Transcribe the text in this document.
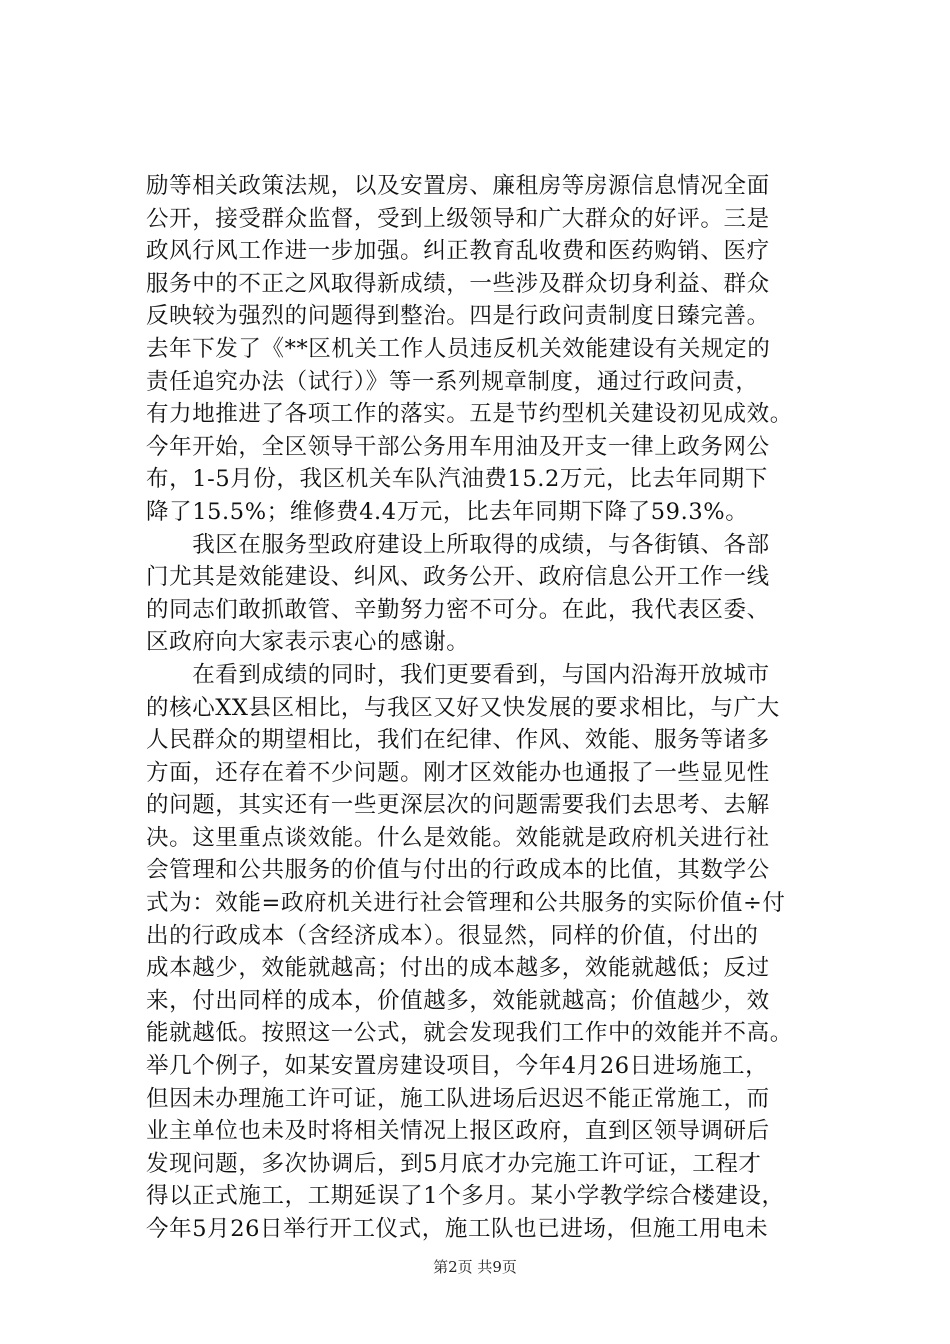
励等相关政策法规，以及安置房、廉租房等房源信息情况全面
公开，接受群众监督，受到上级领导和广大群众的好评。三是
政风行风工作进一步加强。纠正教育乱收费和医药购销、医疗
服务中的不正之风取得新成绩，一些涉及群众切身利益、群众
反映较为强烈的问题得到整治。四是行政问责制度日臻完善。
去年下发了《**区机关工作人员违反机关效能建设有关规定的
责任追究办法（试行）》等一系列规章制度，通过行政问责，
有力地推进了各项工作的落实。五是节约型机关建设初见成效。
今年开始，全区领导干部公务用车用油及开支一律上政务网公
布，1-5月份，我区机关车队汽油费15.2万元，比去年同期下
降了15.5%；维修费4.4万元，比去年同期下降了59.3%。
　　我区在服务型政府建设上所取得的成绩，与各街镇、各部
门尤其是效能建设、纠风、政务公开、政府信息公开工作一线
的同志们敢抓敢管、辛勤努力密不可分。在此，我代表区委、
区政府向大家表示衷心的感谢。
　　在看到成绩的同时，我们更要看到，与国内沿海开放城市
的核心XX县区相比，与我区又好又快发展的要求相比，与广大
人民群众的期望相比，我们在纪律、作风、效能、服务等诸多
方面，还存在着不少问题。刚才区效能办也通报了一些显见性
的问题，其实还有一些更深层次的问题需要我们去思考、去解
决。这里重点谈效能。什么是效能。效能就是政府机关进行社
会管理和公共服务的价值与付出的行政成本的比值，其数学公
式为：效能=政府机关进行社会管理和公共服务的实际价值÷付
出的行政成本（含经济成本）。很显然，同样的价值，付出的
成本越少，效能就越高；付出的成本越多，效能就越低；反过
来，付出同样的成本，价值越多，效能就越高；价值越少，效
能就越低。按照这一公式，就会发现我们工作中的效能并不高。
举几个例子，如某安置房建设项目，今年4月26日进场施工，
但因未办理施工许可证，施工队进场后迟迟不能正常施工，而
业主单位也未及时将相关情况上报区政府，直到区领导调研后
发现问题，多次协调后，到5月底才办完施工许可证，工程才
得以正式施工，工期延误了1个多月。某小学教学综合楼建设，
今年5月26日举行开工仪式，施工队也已进场，但施工用电未
第2页 共9页
